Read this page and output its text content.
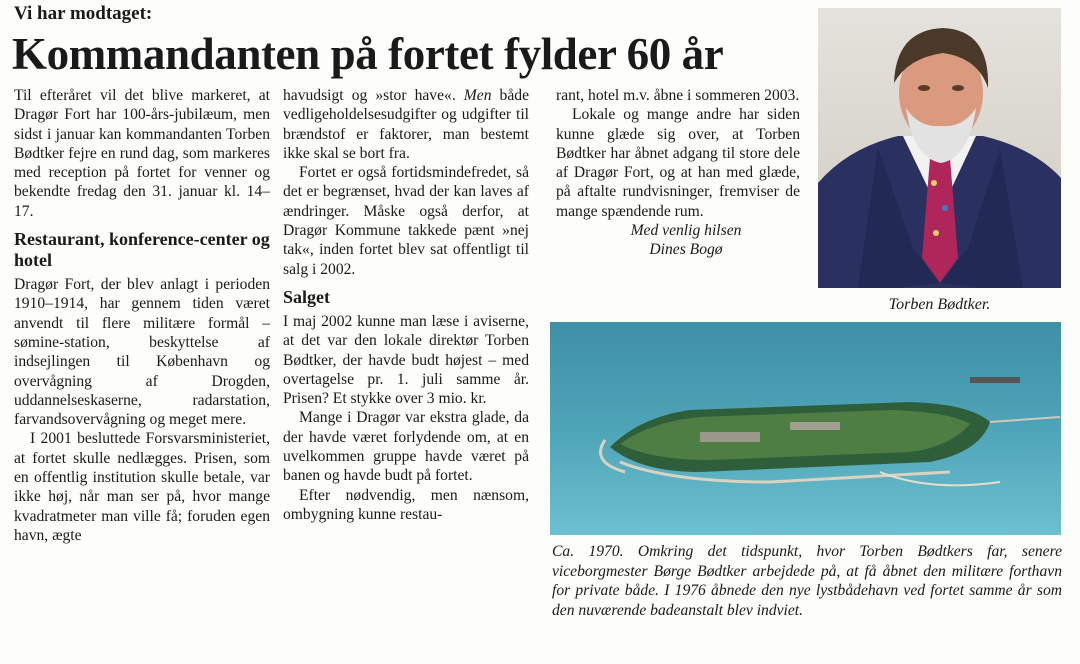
Vi har modtaget:
Kommandanten på fortet fylder 60 år

Til efteråret vil det blive markeret, at Dragør Fort har 100-års-jubilæum, men sidst i januar kan kommandanten Torben Bødtker fejre en rund dag, som markeres med reception på fortet for venner og bekendte fredag den 31. januar kl. 14–17.

Restaurant, konference-center og hotel

Dragør Fort, der blev anlagt i perioden 1910–1914, har gennem tiden været anvendt til flere militære formål – sømine-station, beskyttelse af indsejlingen til København og overvågning af Drogden, uddannelseskaserne, radarstation, farvandsovervågning og meget mere.

I 2001 besluttede Forsvarsministeriet, at fortet skulle nedlægges. Prisen, som en offentlig institution skulle betale, var ikke høj, når man ser på, hvor mange kvadratmeter man ville få; foruden egen havn, ægte

havudsigt og »stor have«. Men både vedligeholdelsesudgifter og udgifter til brændstof er faktorer, man bestemt ikke skal se bort fra.

Fortet er også fortidsmindefredet, så det er begrænset, hvad der kan laves af ændringer. Måske også derfor, at Dragør Kommune takkede pænt »nej tak«, inden fortet blev sat offentligt til salg i 2002.

Salget

I maj 2002 kunne man læse i aviserne, at det var den lokale direktør Torben Bødtker, der havde budt højest – med overtagelse pr. 1. juli samme år. Prisen? Et stykke over 3 mio. kr.

Mange i Dragør var ekstra glade, da der havde været forlydende om, at en uvelkommen gruppe havde været på banen og havde budt på fortet.

Efter nødvendig, men nænsom, ombygning kunne restau-

rant, hotel m.v. åbne i sommeren 2003.

Lokale og mange andre har siden kunne glæde sig over, at Torben Bødtker har åbnet adgang til store dele af Dragør Fort, og at han med glæde, på aftalte rundvisninger, fremviser de mange spændende rum.

Med venlig hilsen

Dines Bogø

Torben Bødtker.
Ca. 1970. Omkring det tidspunkt, hvor Torben Bødtkers far, senere viceborgmester Børge Bødtker arbejdede på, at få åbnet den militære forthavn for private både. I 1976 åbnede den nye lystbådehavn ved fortet samme år som den nuværende badeanstalt blev indviet.
